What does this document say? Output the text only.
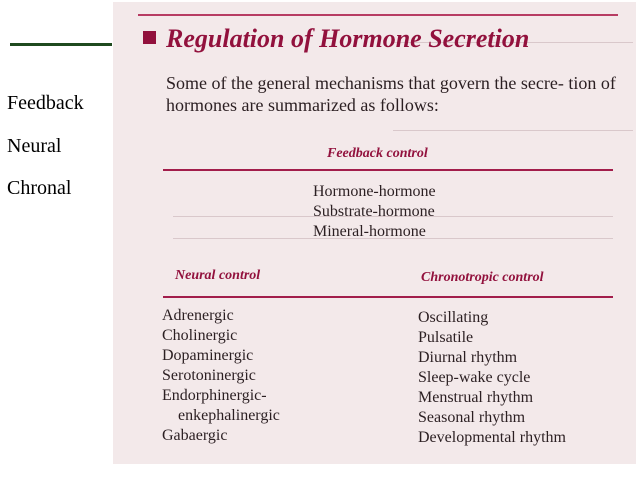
Feedback
Neural
Chronal
Regulation of Hormone Secretion
Some of the general mechanisms that govern the secre- tion of hormones are summarized as follows:
Feedback control
Hormone-hormone
Substrate-hormone
Mineral-hormone
Neural control	Chronotropic control
Adrenergic
Cholinergic
Dopaminergic
Serotoninergic
Endorphinergic-
enkephalinergic
Gabaergic
Oscillating
Pulsatile
Diurnal rhythm
Sleep-wake cycle
Menstrual rhythm
Seasonal rhythm
Developmental rhythm
